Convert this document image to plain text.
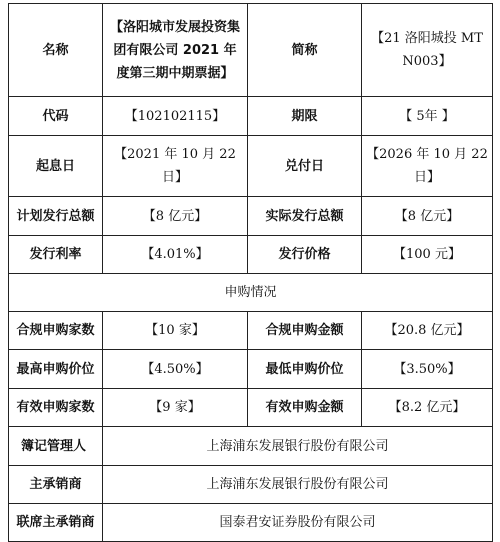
名称	【洛阳城市发展投资集团有限公司 2021 年度第三期中期票据】	简称	【21 洛阳城投 MTN003】
代码	【102102115】	期限	【 5年 】
起息日	【2021 年 10 月 22 日】	兑付日	【2026 年 10 月 22 日】
计划发行总额	【8 亿元】	实际发行总额	【8 亿元】
发行利率	【4.01%】	发行价格	【100 元】
申购情况			
合规申购家数	【10 家】	合规申购金额	【20.8 亿元】
最高申购价位	【4.50%】	最低申购价位	【3.50%】
有效申购家数	【9 家】	有效申购金额	【8.2 亿元】
簿记管理人	上海浦东发展银行股份有限公司		
主承销商	上海浦东发展银行股份有限公司		
联席主承销商	国泰君安证券股份有限公司		
